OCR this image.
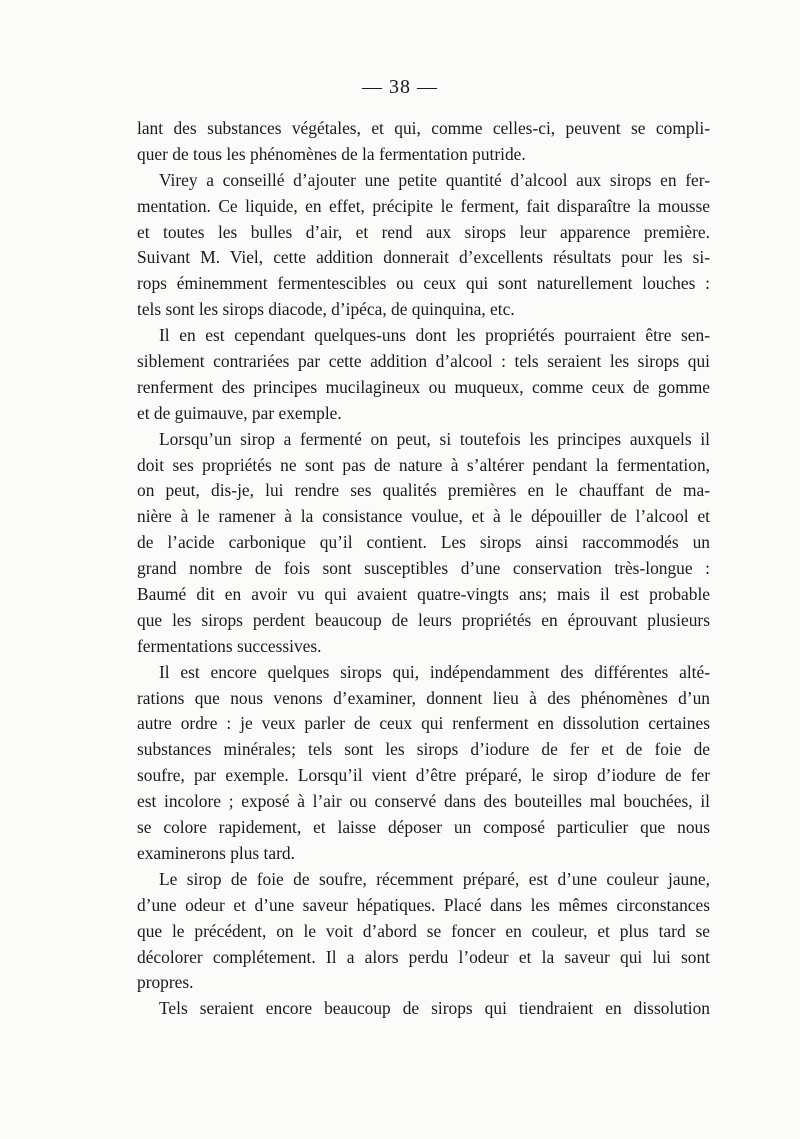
— 38 —
lant des substances végétales, et qui, comme celles-ci, peuvent se compli-
quer de tous les phénomènes de la fermentation putride.
Virey a conseillé d’ajouter une petite quantité d’alcool aux sirops en fer-
mentation. Ce liquide, en effet, précipite le ferment, fait disparaître la mousse
et toutes les bulles d’air, et rend aux sirops leur apparence première.
Suivant M. Viel, cette addition donnerait d’excellents résultats pour les si-
rops éminemment fermentescibles ou ceux qui sont naturellement louches :
tels sont les sirops diacode, d’ipéca, de quinquina, etc.
Il en est cependant quelques-uns dont les propriétés pourraient être sen-
siblement contrariées par cette addition d’alcool : tels seraient les sirops qui
renferment des principes mucilagineux ou muqueux, comme ceux de gomme
et de guimauve, par exemple.
Lorsqu’un sirop a fermenté on peut, si toutefois les principes auxquels il
doit ses propriétés ne sont pas de nature à s’altérer pendant la fermentation,
on peut, dis-je, lui rendre ses qualités premières en le chauffant de ma-
nière à le ramener à la consistance voulue, et à le dépouiller de l’alcool et
de l’acide carbonique qu’il contient. Les sirops ainsi raccommodés un
grand nombre de fois sont susceptibles d’une conservation très-longue :
Baumé dit en avoir vu qui avaient quatre-vingts ans; mais il est probable
que les sirops perdent beaucoup de leurs propriétés en éprouvant plusieurs
fermentations successives.
Il est encore quelques sirops qui, indépendamment des différentes alté-
rations que nous venons d’examiner, donnent lieu à des phénomènes d’un
autre ordre : je veux parler de ceux qui renferment en dissolution certaines
substances minérales; tels sont les sirops d’iodure de fer et de foie de
soufre, par exemple. Lorsqu’il vient d’être préparé, le sirop d’iodure de fer
est incolore ; exposé à l’air ou conservé dans des bouteilles mal bouchées, il
se colore rapidement, et laisse déposer un composé particulier que nous
examinerons plus tard.
Le sirop de foie de soufre, récemment préparé, est d’une couleur jaune,
d’une odeur et d’une saveur hépatiques. Placé dans les mêmes circonstances
que le précédent, on le voit d’abord se foncer en couleur, et plus tard se
décolorer complétement. Il a alors perdu l’odeur et la saveur qui lui sont
propres.
Tels seraient encore beaucoup de sirops qui tiendraient en dissolution
